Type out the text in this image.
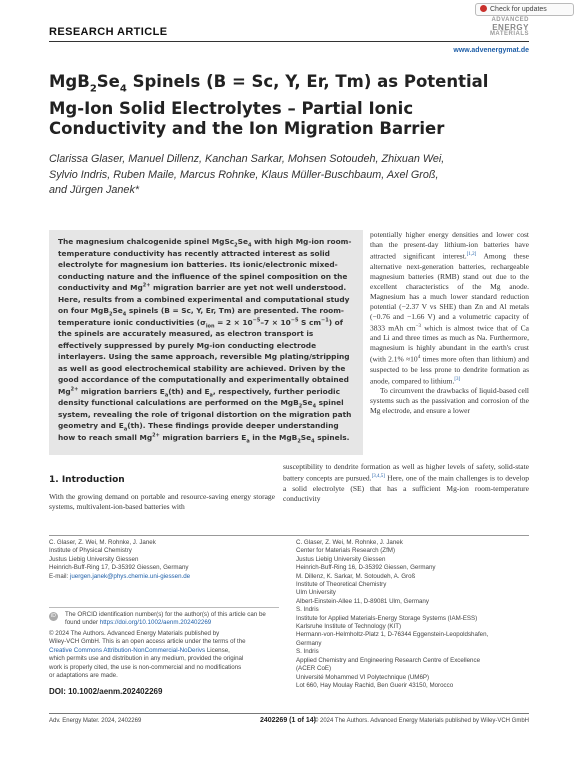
RESEARCH ARTICLE
Check for updates
ADVANCED
ENERGY
MATERIALS
www.advenergymat.de
$MgB_2Se_4$ Spinels (B = Sc, Y, Er, Tm) as Potential Mg-Ion Solid Electrolytes – Partial Ionic Conductivity and the Ion Migration Barrier
Clarissa Glaser, Manuel Dillenz, Kanchan Sarkar, Mohsen Sotoudeh, Zhixuan Wei,
Sylvio Indris, Ruben Maile, Marcus Rohnke, Klaus Müller-Buschbaum, Axel Groß,
and Jürgen Janek*
The magnesium chalcogenide spinel $MgSc_2Se_4$ with high Mg-ion room-temperature conductivity has recently attracted interest as solid electrolyte for magnesium ion batteries. Its ionic/electronic mixed-conducting nature and the influence of the spinel composition on the conductivity and $Mg^{2+}$ migration barrier are yet not well understood. Here, results from a combined experimental and computational study on four $MgB_2Se_4$ spinels (B = Sc, Y, Er, Tm) are presented. The room-temperature ionic conductivities ($\sigma_{ion} = 2 \times 10^{-5}-7 \times 10^{-5}$ S $cm^{-1}$) of the spinels are accurately measured, as electron transport is effectively suppressed by purely Mg-ion conducting electrode interlayers. Using the same approach, reversible Mg plating/stripping as well as good electrochemical stability are achieved. Driven by the good accordance of the computationally and experimentally obtained $Mg^{2+}$ migration barriers $E_a(th)$ and $E_a$, respectively, further periodic density functional calculations are performed on the $MgB_2Se_4$ spinel system, revealing the role of trigonal distortion on the migration path geometry and $E_a(th)$. These findings provide deeper understanding how to reach small $Mg^{2+}$ migration barriers $E_a$ in the $MgB_2Se_4$ spinels.

potentially higher energy densities and lower cost than the present-day lithium-ion batteries have attracted significant interest.[1,2] Among these alternative next-generation batteries, rechargeable magnesium batteries (RMB) stand out due to the excellent characteristics of the Mg anode. Magnesium has a much lower standard reduction potential (−2.37 V vs SHE) than Zn and Al metals (−0.76 and −1.66 V) and a volumetric capacity of 3833 mAh $cm^{-3}$ which is almost twice that of Ca and Li and three times as much as Na. Furthermore, magnesium is highly abundant in the earth's crust (with $2.1\% \approx 10^4$ times more often than lithium) and suspected to be less prone to dendrite formation as anode, compared to lithium.[3]

To circumvent the drawbacks of liquid-based cell systems such as the passivation and corrosion of the Mg electrode, and ensure a lower

susceptibility to dendrite formation as well as higher levels of safety, solid-state battery concepts are pursued.[3,4,5] Here, one of the main challenges is to develop a solid electrolyte (SE) that has a sufficient Mg-ion room-temperature conductivity
1. Introduction
With the growing demand on portable and resource-saving energy storage systems, multivalent-ion-based batteries with
C. Glaser, Z. Wei, M. Rohnke, J. Janek
Institute of Physical Chemistry
Justus Liebig University Giessen
Heinrich-Buff-Ring 17, D-35392 Giessen, Germany
E-mail: juergen.janek@phys.chemie.uni-giessen.de
C. Glaser, Z. Wei, M. Rohnke, J. Janek
Center for Materials Research (ZfM)
Justus Liebig University Giessen
Heinrich-Buff-Ring 16, D-35392 Giessen, Germany
M. Dillenz, K. Sarkar, M. Sotoudeh, A. Groß
Institute of Theoretical Chemistry
Ulm University
Albert-Einstein-Allee 11, D-89081 Ulm, Germany
S. Indris
Institute for Applied Materials-Energy Storage Systems (IAM-ESS)
Karlsruhe Institute of Technology (KIT)
Hermann-von-Helmholtz-Platz 1, D-76344 Eggenstein-Leopoldshafen,
Germany
S. Indris
Applied Chemistry and Engineering Research Centre of Excellence
(ACER CoE)
Université Mohammed VI Polytechnique (UM6P)
Lot 660, Hay Moulay Rachid, Ben Guerir 43150, Morocco
iD	The ORCID identification number(s) for the author(s) of this article can be found under https://doi.org/10.1002/aenm.202402269
© 2024 The Authors. Advanced Energy Materials published by
Wiley-VCH GmbH. This is an open access article under the terms of the
Creative Commons Attribution-NonCommercial-NoDerivs License,
which permits use and distribution in any medium, provided the original
work is properly cited, the use is non-commercial and no modifications
or adaptations are made.
DOI: 10.1002/aenm.202402269
Adv. Energy Mater. 2024, 2402269	2402269 (1 of 14)
© 2024 The Authors. Advanced Energy Materials published by Wiley-VCH GmbH
